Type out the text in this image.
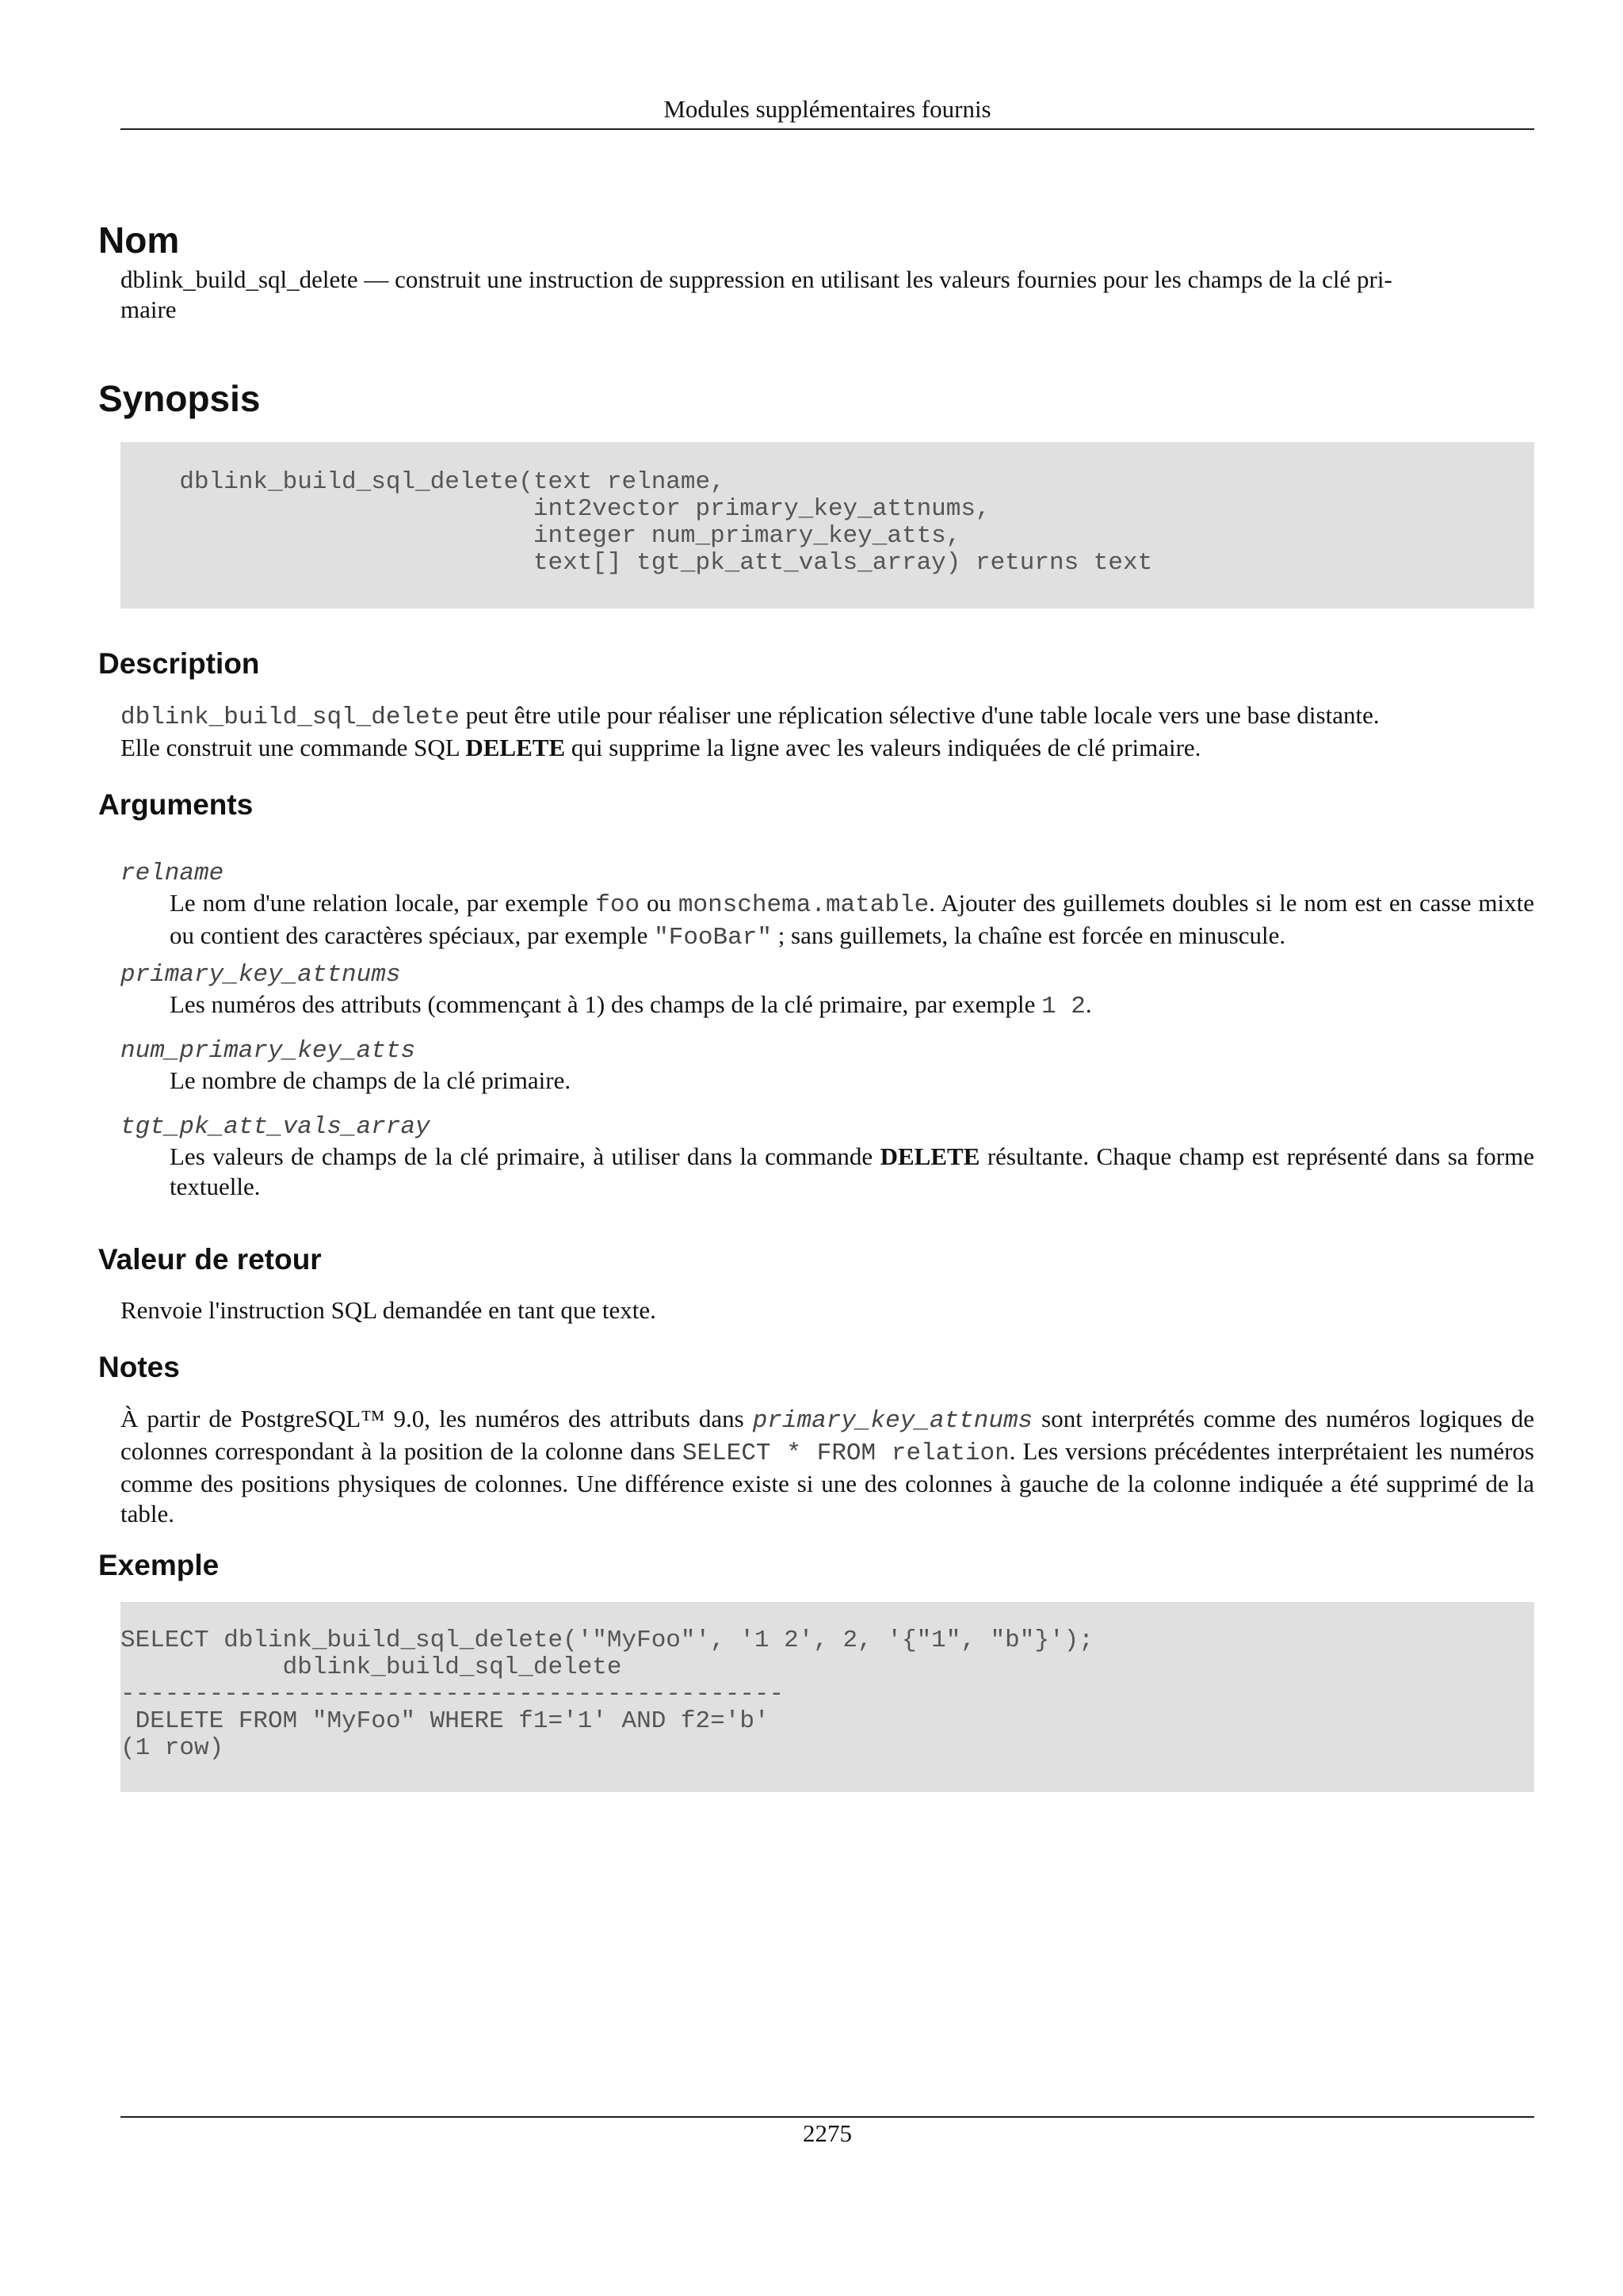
Modules supplémentaires fournis
Nom

dblink_build_sql_delete — construit une instruction de suppression en utilisant les valeurs fournies pour les champs de la clé pri-

maire

Synopsis
dblink_build_sql_delete(text relname,
int2vector primary_key_attnums,
integer num_primary_key_atts,
text[] tgt_pk_att_vals_array) returns text
Description

dblink_build_sql_delete peut être utile pour réaliser une réplication sélective d'une table locale vers une base distante.
Elle construit une commande SQL DELETE qui supprime la ligne avec les valeurs indiquées de clé primaire.

Arguments
relname

Le nom d'une relation locale, par exemple foo ou monschema.matable. Ajouter des guillemets doubles si le nom est en casse mixte ou contient des caractères spéciaux, par exemple "FooBar" ; sans guillemets, la chaîne est forcée en minuscule.

primary_key_attnums

Les numéros des attributs (commençant à 1) des champs de la clé primaire, par exemple 1 2.

num_primary_key_atts

Le nombre de champs de la clé primaire.

tgt_pk_att_vals_array

Les valeurs de champs de la clé primaire, à utiliser dans la commande DELETE résultante. Chaque champ est représenté dans sa forme textuelle.

Valeur de retour

Renvoie l'instruction SQL demandée en tant que texte.

Notes

À partir de PostgreSQL™ 9.0, les numéros des attributs dans primary_key_attnums sont interprétés comme des numéros logiques de colonnes correspondant à la position de la colonne dans SELECT * FROM relation. Les versions précédentes interprétaient les numéros comme des positions physiques de colonnes. Une différence existe si une des colonnes à gauche de la colonne indiquée a été supprimé de la table.

Exemple
SELECT dblink_build_sql_delete('"MyFoo"', '1 2', 2, '{"1", "b"}');
dblink_build_sql_delete
---------------------------------------------
DELETE FROM "MyFoo" WHERE f1='1' AND f2='b'
(1 row)
2275
